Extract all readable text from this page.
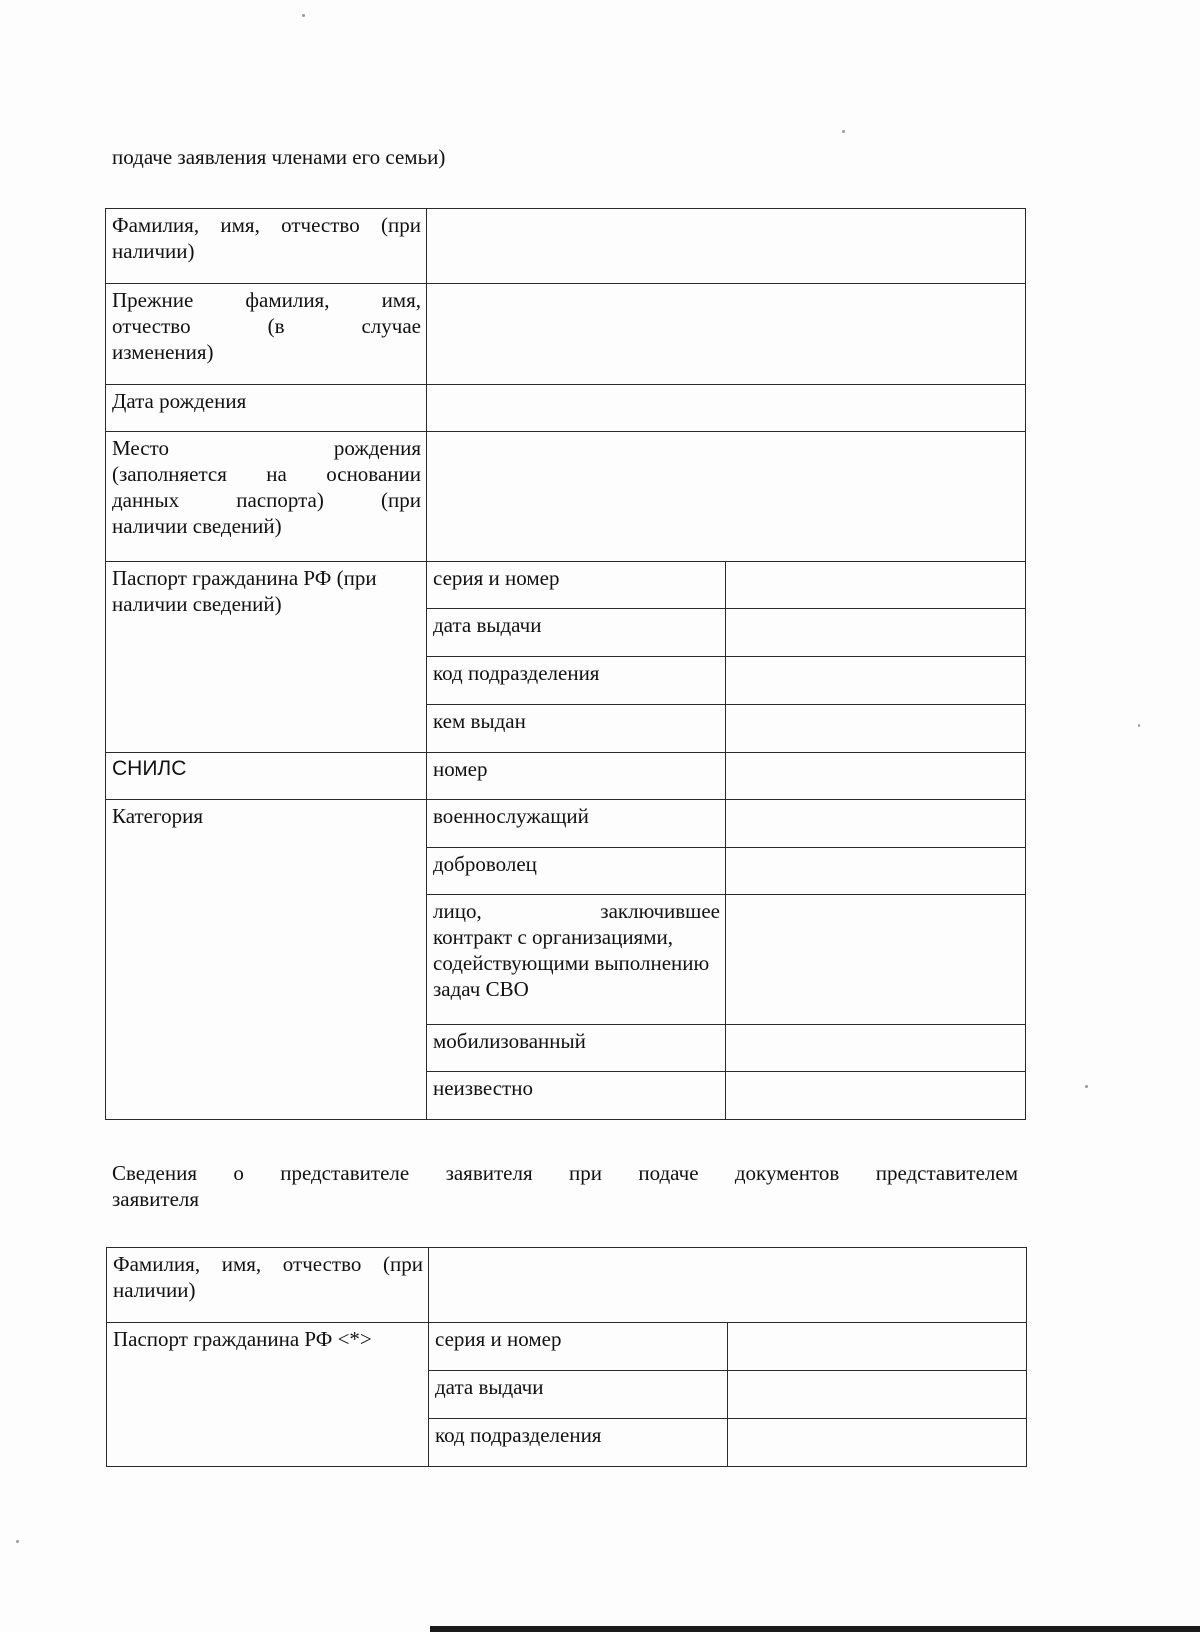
подаче заявления членами его семьи)
Фамилия, имя, отчество (при наличии)		

Прежние фамилия, имя,
отчество (в случае
изменения)		
Дата рождения		

Место рождения
(заполняется на основании
данных паспорта) (при
наличии сведений)		
Паспорт гражданина РФ (при наличии сведений)	серия и номер	
	дата выдачи	
	код подразделения	
	кем выдан	
СНИЛС	номер	
Категория	военнослужащий	
	доброволец	

	лицо, заключившее
контракт с организациями, содействующими выполнению задач СВО	
	мобилизованный	
	неизвестно	
Сведения о представителе заявителя при подаче документов представителем
заявителя
Фамилия, имя, отчество (при наличии)		
Паспорт гражданина РФ <*>	серия и номер	
	дата выдачи	
	код подразделения	
